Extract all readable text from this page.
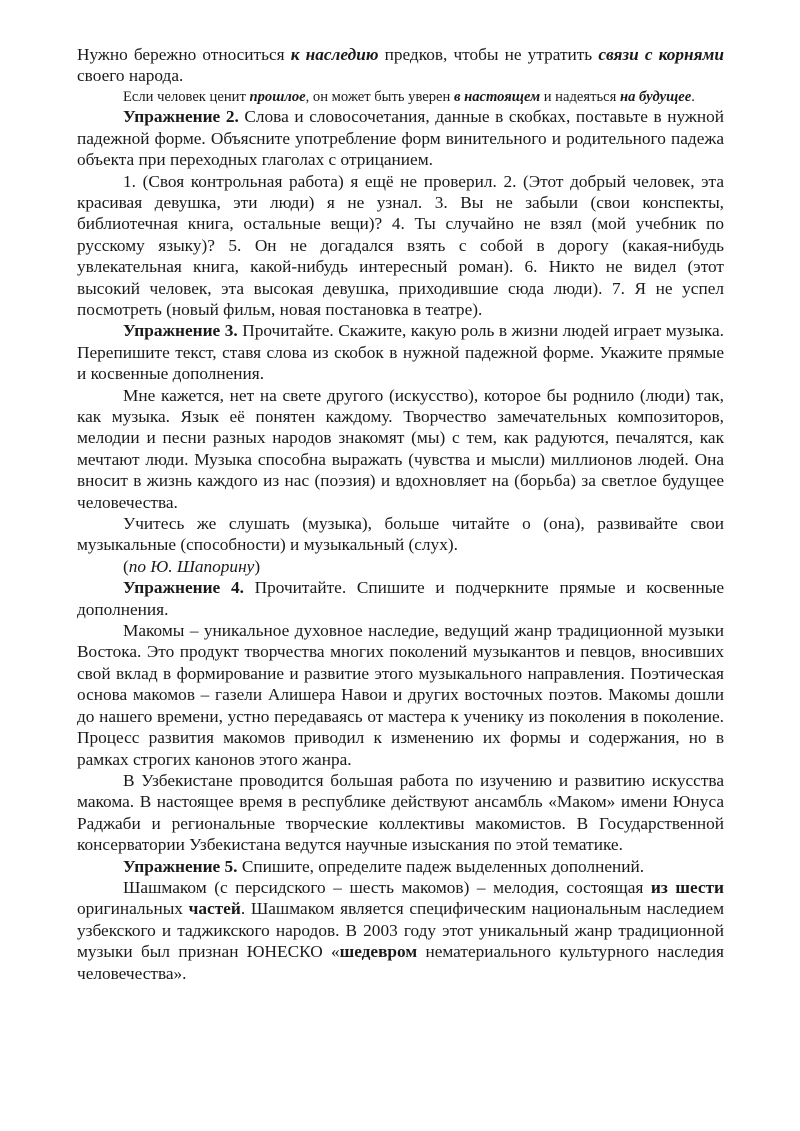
Нужно бережно относиться к наследию предков, чтобы не утратить связи с корнями своего народа.

Если человек ценит прошлое, он может быть уверен в настоящем и надеяться на будущее.

Упражнение 2. Слова и словосочетания, данные в скобках, поставьте в нужной падежной форме. Объясните употребление форм винительного и родительного падежа объекта при переходных глаголах с отрицанием.

1. (Своя контрольная работа) я ещё не проверил. 2. (Этот добрый человек, эта красивая девушка, эти люди) я не узнал. 3. Вы не забыли (свои конспекты, библиотечная книга, остальные вещи)? 4. Ты случайно не взял (мой учебник по русскому языку)? 5. Он не догадался взять с собой в дорогу (какая-нибудь увлекательная книга, какой-нибудь интересный роман). 6. Никто не видел (этот высокий человек, эта высокая девушка, приходившие сюда люди). 7. Я не успел посмотреть (новый фильм, новая постановка в театре).

Упражнение 3. Прочитайте. Скажите, какую роль в жизни людей играет музыка. Перепишите текст, ставя слова из скобок в нужной падежной форме. Укажите прямые и косвенные дополнения.

Мне кажется, нет на свете другого (искусство), которое бы роднило (люди) так, как музыка. Язык её понятен каждому. Творчество замечательных композиторов, мелодии и песни разных народов знакомят (мы) с тем, как радуются, печалятся, как мечтают люди. Музыка способна выражать (чувства и мысли) миллионов людей. Она вносит в жизнь каждого из нас (поэзия) и вдохновляет на (борьба) за светлое будущее человечества.

Учитесь же слушать (музыка), больше читайте о (она), развивайте свои музыкальные (способности) и музыкальный (слух).

(по Ю. Шапорину)

Упражнение 4. Прочитайте. Спишите и подчеркните прямые и косвенные дополнения.

Макомы – уникальное духовное наследие, ведущий жанр традиционной музыки Востока. Это продукт творчества многих поколений музыкантов и певцов, вносивших свой вклад в формирование и развитие этого музыкального направления. Поэтическая основа макомов – газели Алишера Навои и других восточных поэтов. Макомы дошли до нашего времени, устно передаваясь от мастера к ученику из поколения в поколение. Процесс развития макомов приводил к изменению их формы и содержания, но в рамках строгих канонов этого жанра.

В Узбекистане проводится большая работа по изучению и развитию искусства макома. В настоящее время в республике действуют ансамбль «Маком» имени Юнуса Раджаби и региональные творческие коллективы макомистов. В Государственной консерватории Узбекистана ведутся научные изыскания по этой тематике.

Упражнение 5. Спишите, определите падеж выделенных дополнений.

Шашмаком (с персидского – шесть макомов) – мелодия, состоящая из шести оригинальных частей. Шашмаком является специфическим национальным наследием узбекского и таджикского народов. В 2003 году этот уникальный жанр традиционной музыки был признан ЮНЕСКО «шедевром нематериального культурного наследия человечества».
